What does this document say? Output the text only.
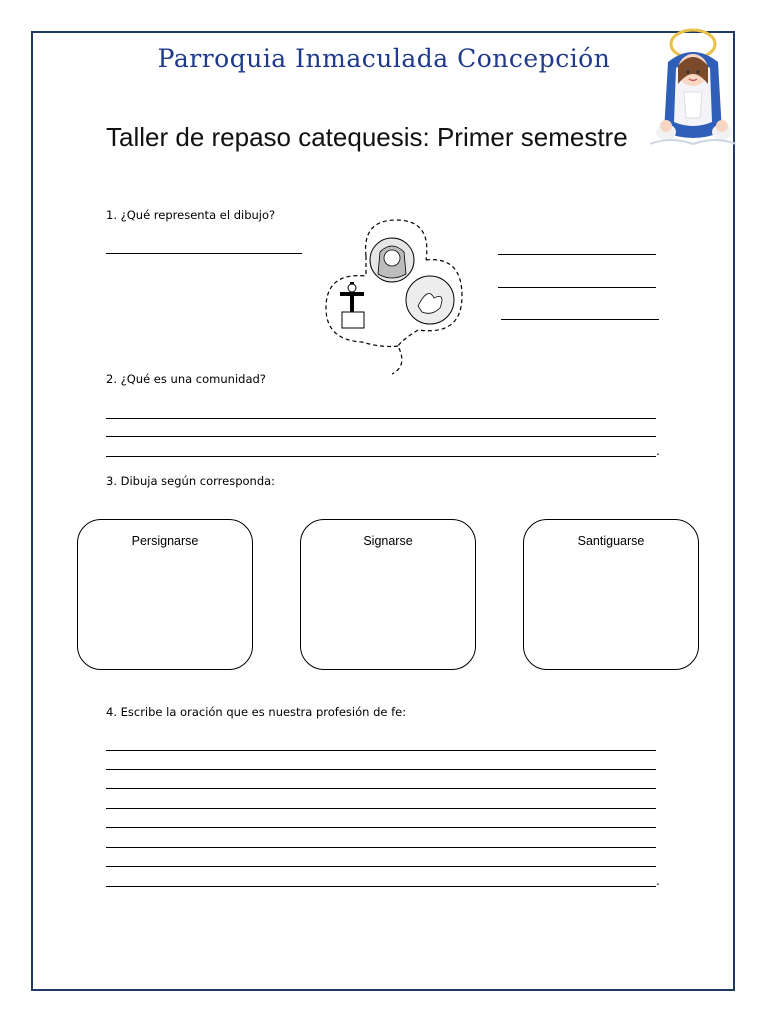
Parroquia Inmaculada Concepción
Taller de repaso catequesis: Primer semestre
1. ¿Qué representa el dibujo?
2. ¿Qué es una comunidad?
.
3. Dibuja según corresponda:
Persignarse	Signarse	Santiguarse
4. Escribe la oración que es nuestra profesión de fe:
.
